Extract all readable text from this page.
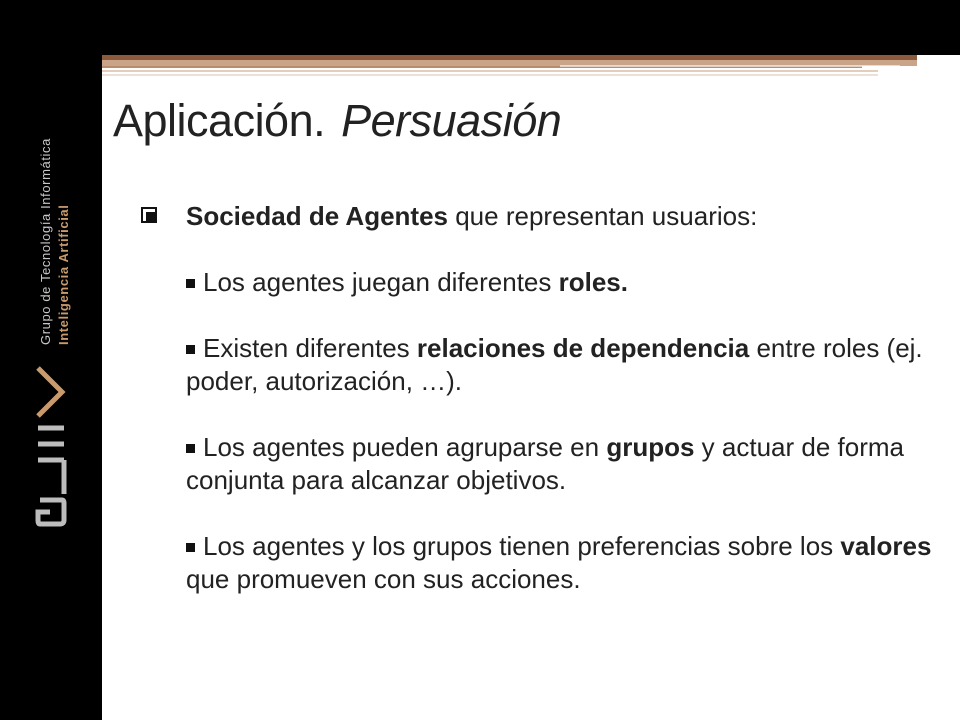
Grupo de Tecnología Informática Inteligencia Artificial
Aplicación. Persuasión
Sociedad de Agentes que representan usuarios:
Los agentes juegan diferentes roles.
Existen diferentes relaciones de dependencia entre roles (ej. poder, autorización, …).
Los agentes pueden agruparse en grupos y actuar de forma conjunta para alcanzar objetivos.
Los agentes y los grupos tienen preferencias sobre los valores que promueven con sus acciones.
